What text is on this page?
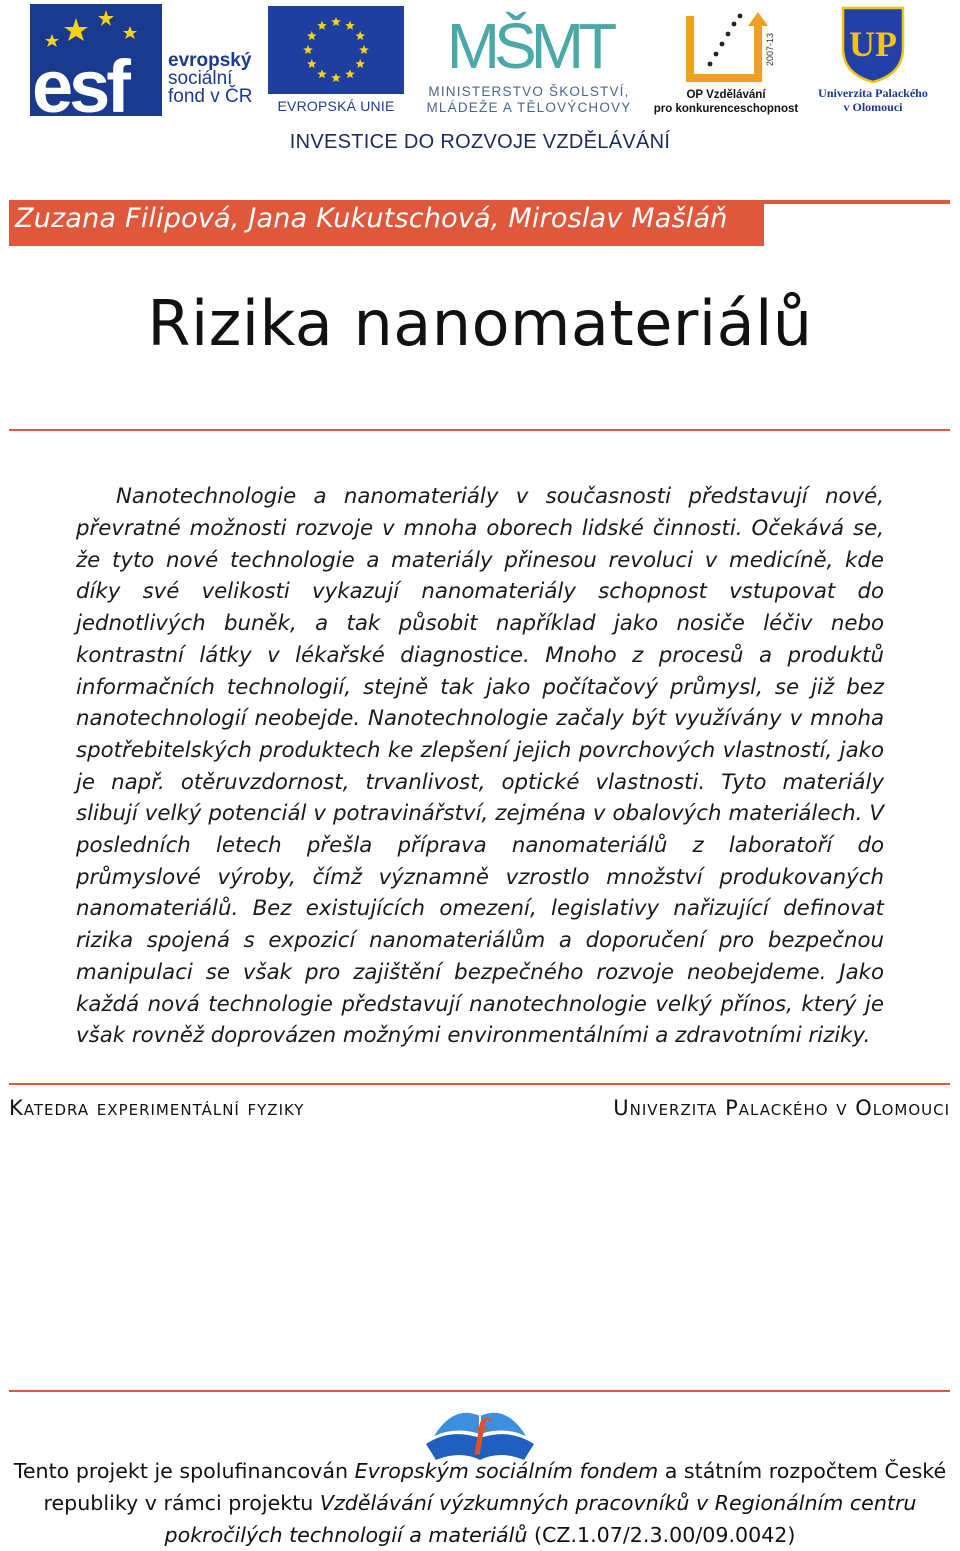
esf evropský
sociální
fond v ČR	EVROPSKÁ UNIE
MŠMT
MINISTERSTVO ŠKOLSTVÍ,
MLÁDEŽE A TĚLOVÝCHOVY
2007-13
OP Vzdělávání
pro konkurenceschopnost
UP
Univerzita Palackého
v Olomouci
INVESTICE DO ROZVOJE VZDĚLÁVÁNÍ
Zuzana Filipová, Jana Kukutschová, Miroslav Mašláň
Rizika nanomateriálů

Nanotechnologie a nanomateriály v současnosti představují nové, převratné možnosti rozvoje v mnoha oborech lidské činnosti. Očekává se, že tyto nové technologie a materiály přinesou revoluci v medicíně, kde díky své velikosti vykazují nanomateriály schopnost vstupovat do jednotlivých buněk, a tak působit například jako nosiče léčiv nebo kontrastní látky v lékařské diagnostice. Mnoho z procesů a produktů informačních technologií, stejně tak jako počítačový průmysl, se již bez nanotechnologií neobejde. Nanotechnologie začaly být využívány v mnoha spotřebitelských produktech ke zlepšení jejich povrchových vlastností, jako je např. otěruvzdornost, trvanlivost, optické vlastnosti. Tyto materiály slibují velký potenciál v potravinářství, zejména v obalových materiálech. V posledních letech přešla příprava nanomateriálů z laboratoří do průmyslové výroby, čímž významně vzrostlo množství produkovaných nanomateriálů. Bez existujících omezení, legislativy nařizující definovat rizika spojená s expozicí nanomateriálům a doporučení pro bezpečnou manipulaci se však pro zajištění bezpečného rozvoje neobejdeme. Jako každá nová technologie představují nanotechnologie velký přínos, který je však rovněž doprovázen možnými environmentálními a zdravotními riziky.

Katedra experimentální fyziky	Univerzita Palackého v Olomouci
f
Tento projekt je spolufinancován Evropským sociálním fondem a státním rozpočtem České republiky v rámci projektu Vzdělávání výzkumných pracovníků v Regionálním centru pokročilých technologií a materiálů (CZ.1.07/2.3.00/09.0042)
